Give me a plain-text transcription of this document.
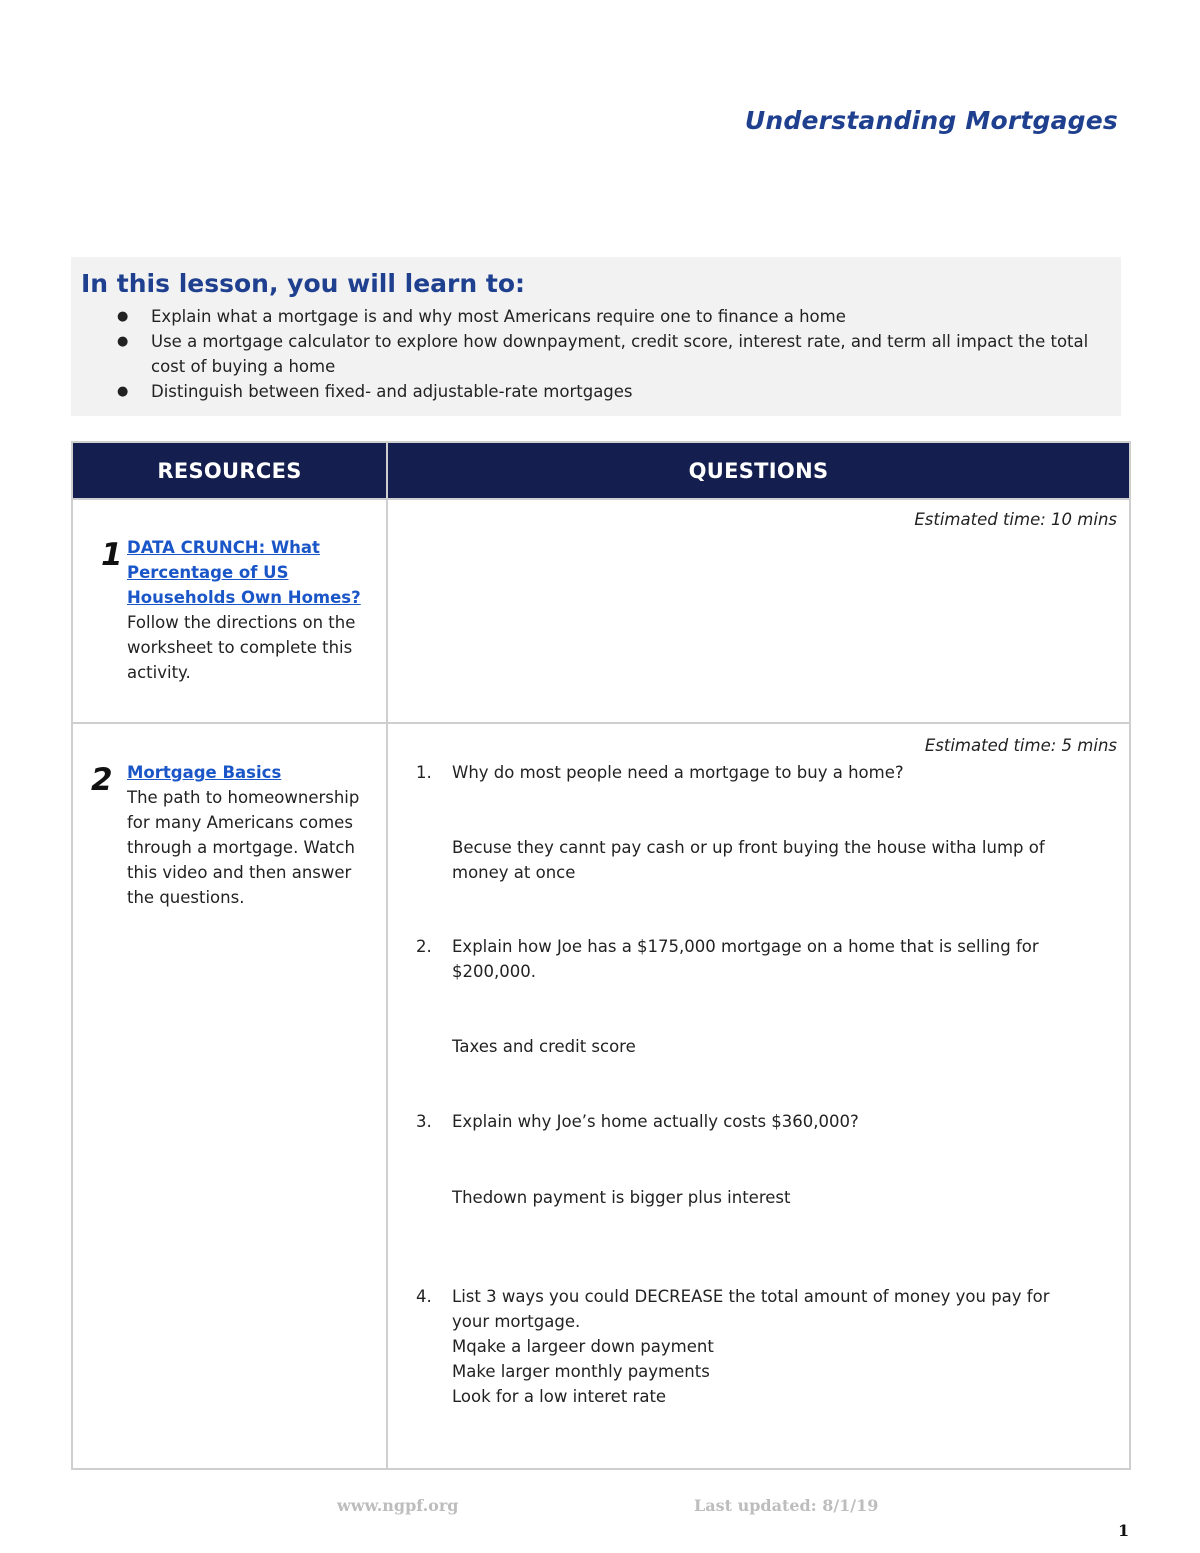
Understanding Mortgages
In this lesson, you will learn to:
● Explain what a mortgage is and why most Americans require one to finance a home
● Use a mortgage calculator to explore how downpayment, credit score, interest rate, and term all impact the total cost of buying a home
● Distinguish between fixed- and adjustable-rate mortgages
RESOURCES	QUESTIONS
1 DATA CRUNCH: What Percentage of US Households Own Homes?
Follow the directions on the worksheet to complete this activity.
Estimated time: 10 mins
2 Mortgage Basics
The path to homeownership for many Americans comes through a mortgage. Watch this video and then answer the questions.
Estimated time: 5 mins
1. Why do most people need a mortgage to buy a home?
Becuse they cannt pay cash or up front buying the house witha lump of money at once
2. Explain how Joe has a $175,000 mortgage on a home that is selling for $200,000.
Taxes and credit score
3. Explain why Joe’s home actually costs $360,000?
Thedown payment is bigger plus interest
4. List 3 ways you could DECREASE the total amount of money you pay for your mortgage.
Mqake a largeer down payment
Make larger monthly payments
Look for a low interet rate
www.ngpf.org	Last updated: 8/1/19
1
